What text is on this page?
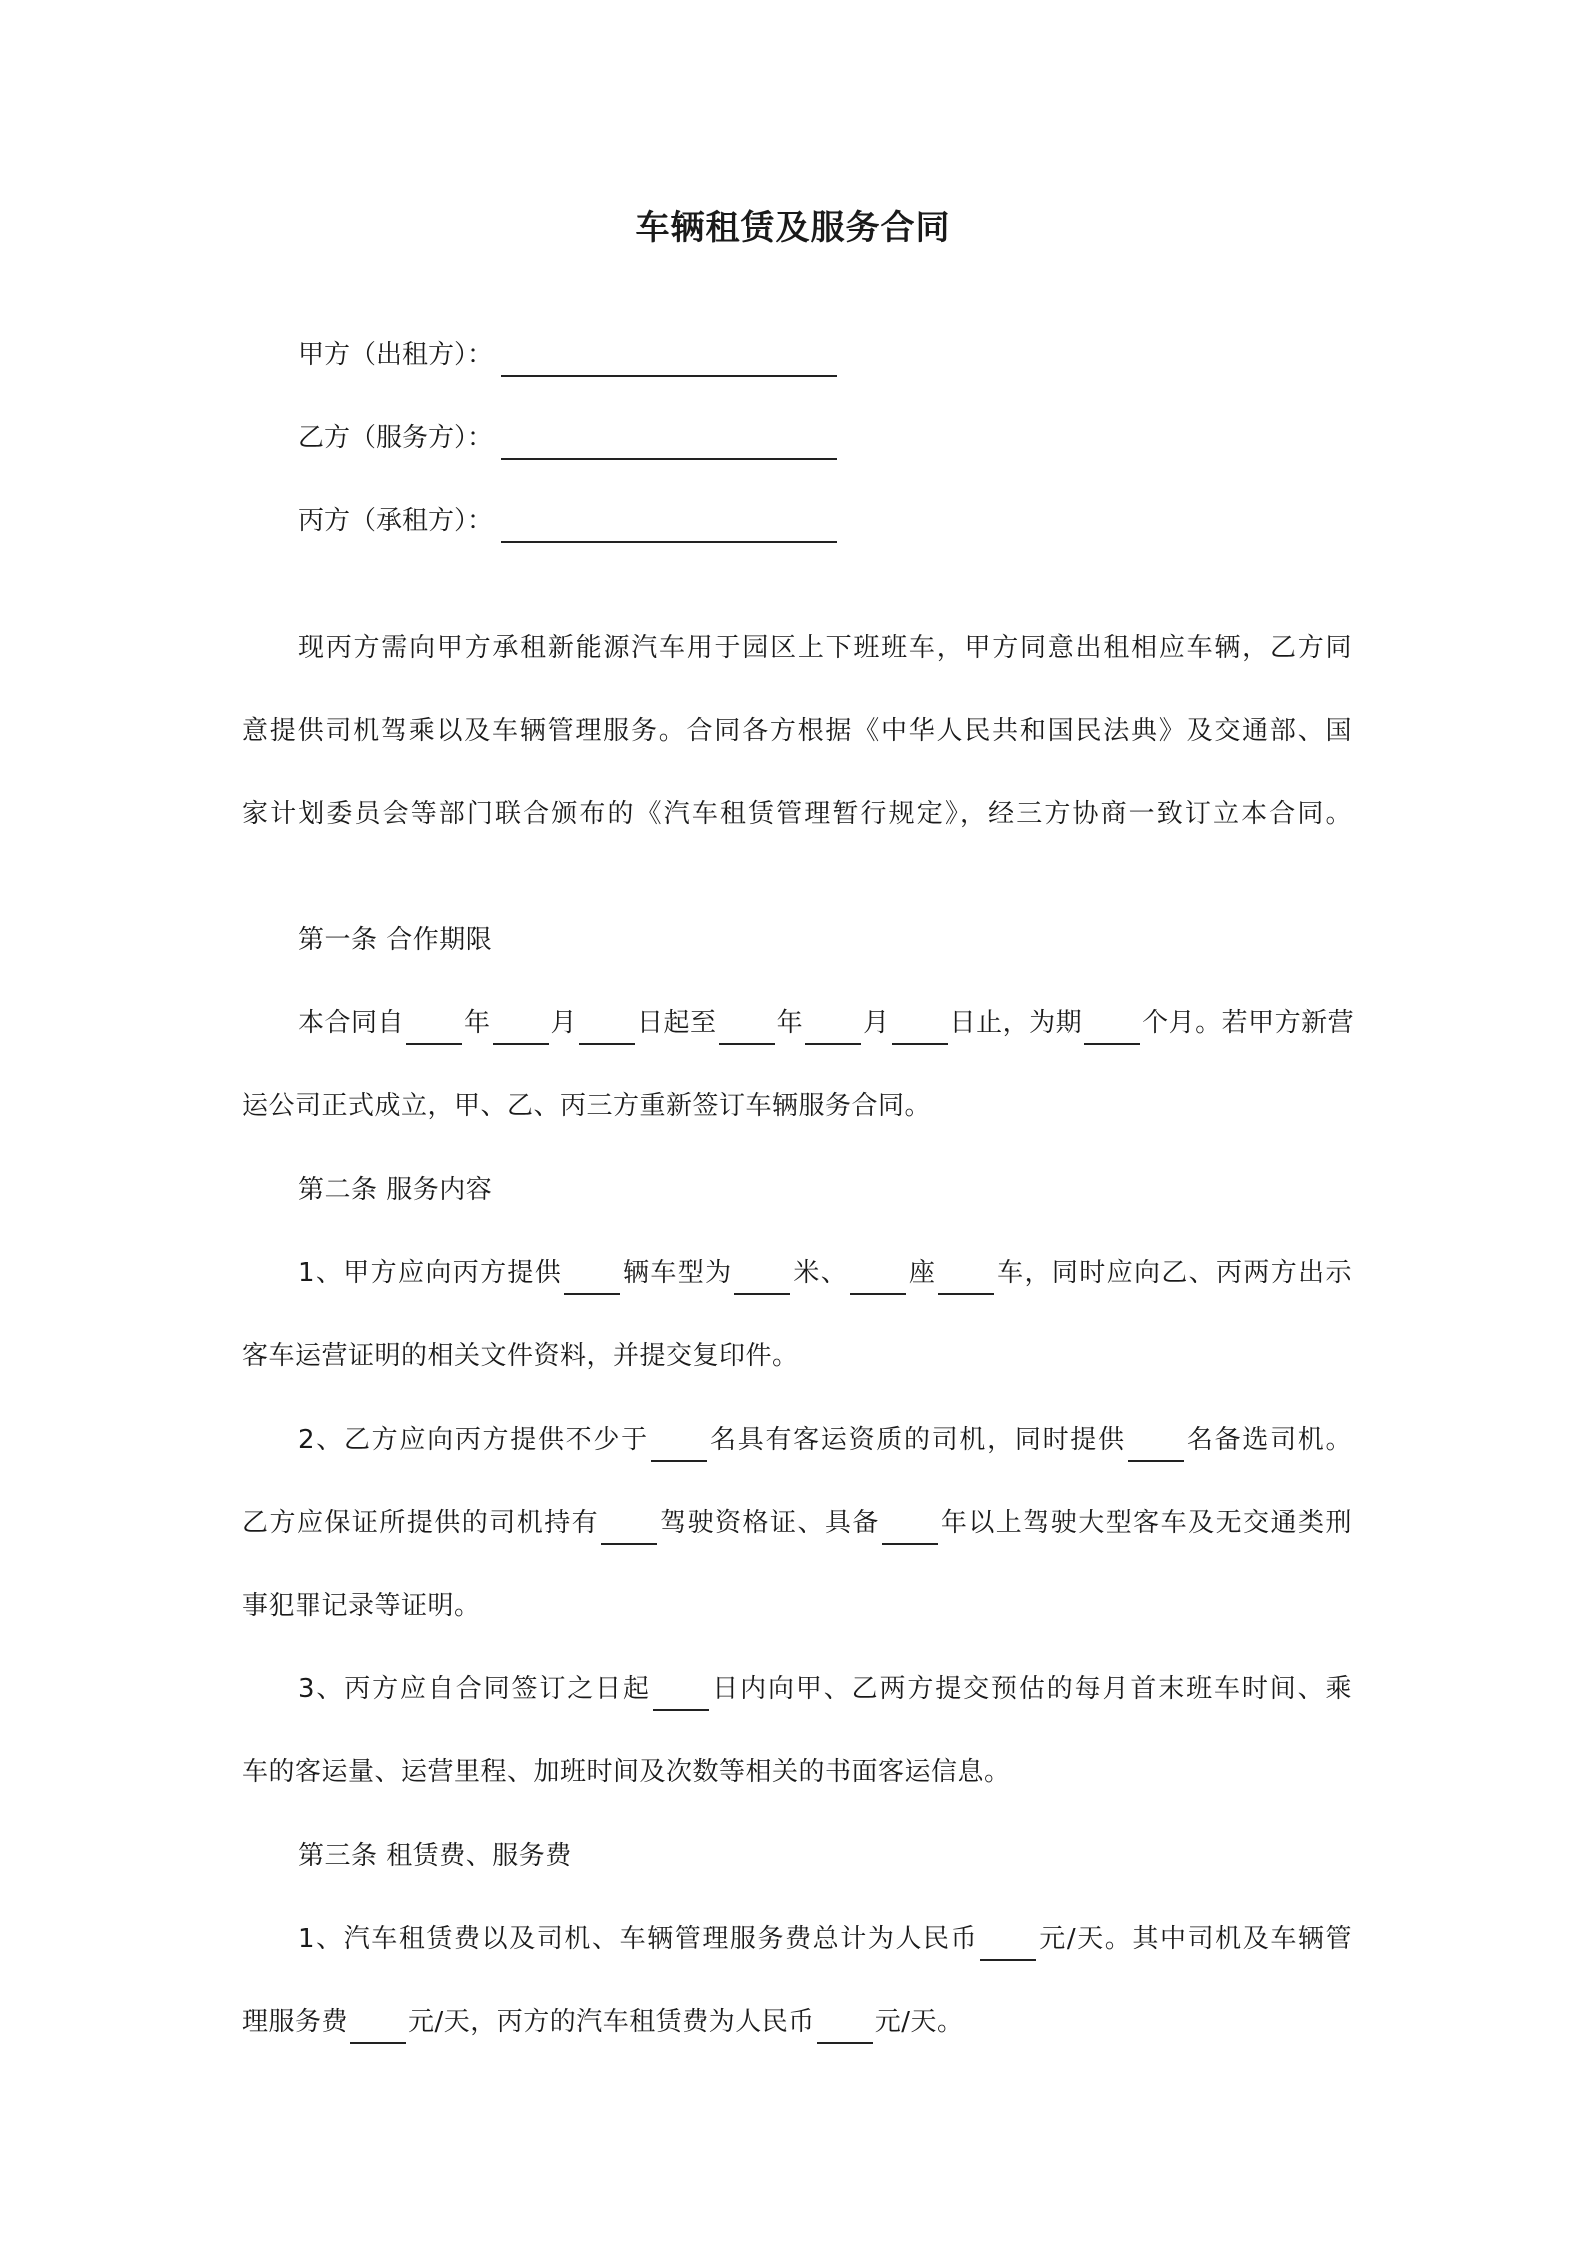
车辆租赁及服务合同
甲方（出租方）：
乙方（服务方）：
丙方（承租方）：
现丙方需向甲方承租新能源汽车用于园区上下班班车，甲方同意出租相应车辆，乙方同
意提供司机驾乘以及车辆管理服务。合同各方根据《中华人民共和国民法典》及交通部、国
家计划委员会等部门联合颁布的《汽车租赁管理暂行规定》，经三方协商一致订立本合同。
第一条 合作期限
本合同自 年 月 日起至 年 月 日止，为期 个月。若甲方新营
运公司正式成立，甲、乙、丙三方重新签订车辆服务合同。
第二条 服务内容
1、甲方应向丙方提供 辆车型为 米、 座 车，同时应向乙、丙两方出示
客车运营证明的相关文件资料，并提交复印件。
2、乙方应向丙方提供不少于 名具有客运资质的司机，同时提供 名备选司机。
乙方应保证所提供的司机持有 驾驶资格证、具备 年以上驾驶大型客车及无交通类刑
事犯罪记录等证明。
3、丙方应自合同签订之日起 日内向甲、乙两方提交预估的每月首末班车时间、乘
车的客运量、运营里程、加班时间及次数等相关的书面客运信息。
第三条 租赁费、服务费
1、汽车租赁费以及司机、车辆管理服务费总计为人民币 元/天。其中司机及车辆管
理服务费 元/天，丙方的汽车租赁费为人民币 元/天。
